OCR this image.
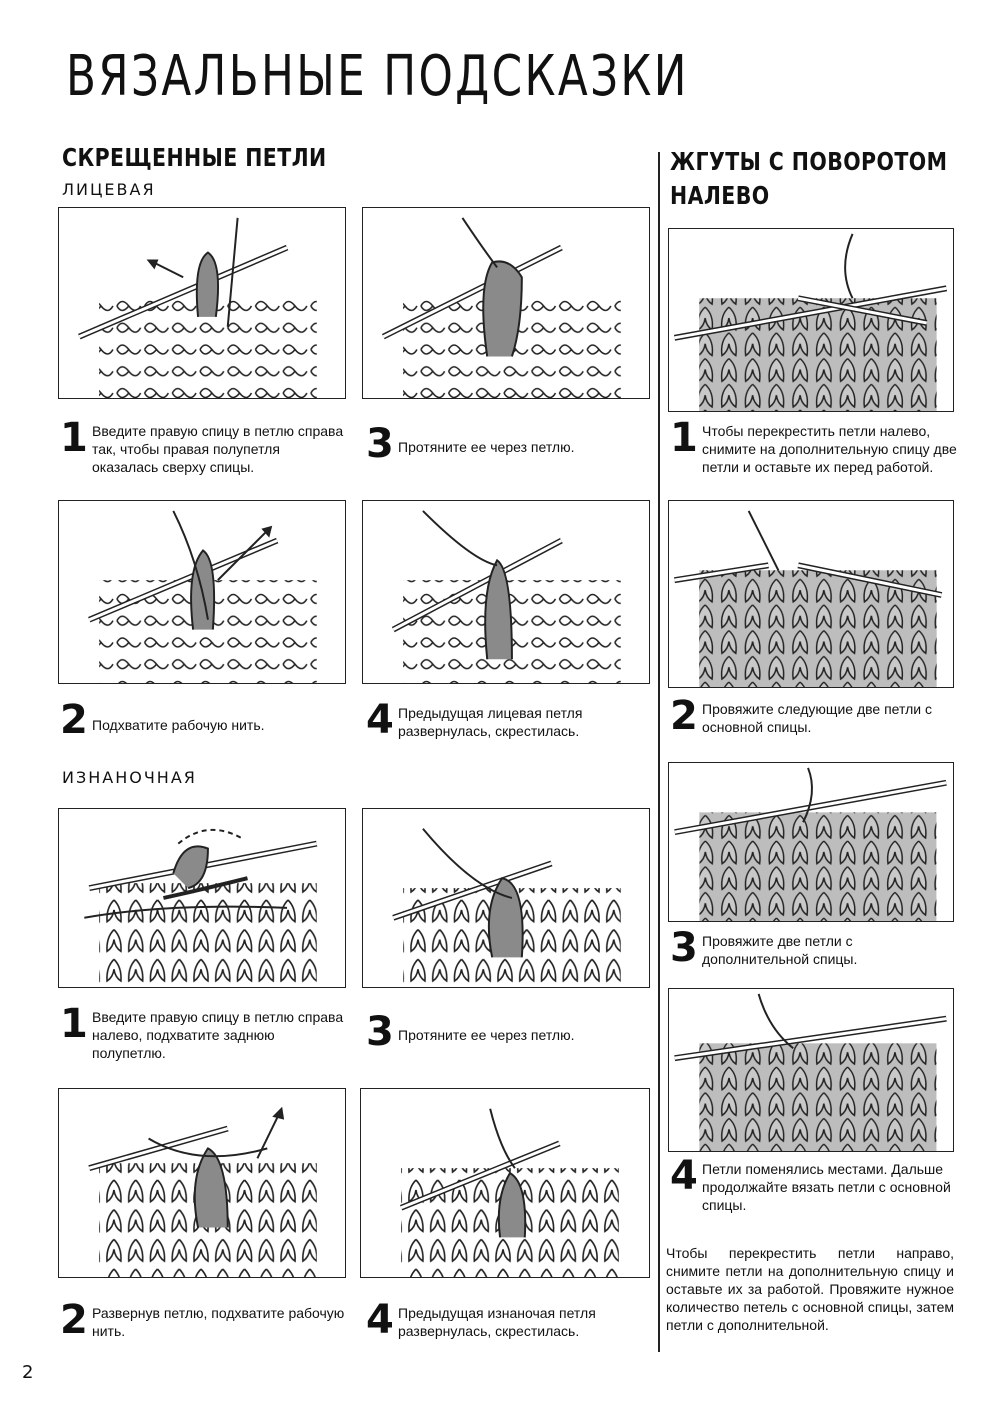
ВЯЗАЛЬНЫЕ ПОДСКАЗКИ
СКРЕЩЕННЫЕ ПЕТЛИ
ЛИЦЕВАЯ
1 Введите правую спицу в петлю справа так, чтобы правая полупетля оказалась сверху спицы.	3 Протяните ее через петлю.
2 Подхватите рабочую нить.	4 Предыдущая лицевая петля развернулась, скрестилась.
ИЗНАНОЧНАЯ
1 Введите правую спицу в петлю справа налево, подхватите заднюю полупетлю.	3 Протяните ее через петлю.
2 Развернув петлю, подхватите рабочую нить.	4 Предыдущая изнаночая петля развернулась, скрестилась.
ЖГУТЫ С ПОВОРОТОМ
НАЛЕВО
1 Чтобы перекрестить петли налево, снимите на дополнительную спицу две петли и оставьте их перед работой.
2 Провяжите следующие две петли с основной спицы.
3 Провяжите две петли с дополнительной спицы.
4 Петли поменялись местами. Дальше продолжайте вязать петли с основной спицы.
Чтобы перекрестить петли направо, снимите петли на дополнительную спицу и оставьте их за работой. Провяжите нужное количество петель с основной спицы, затем петли с дополнительной.
2
